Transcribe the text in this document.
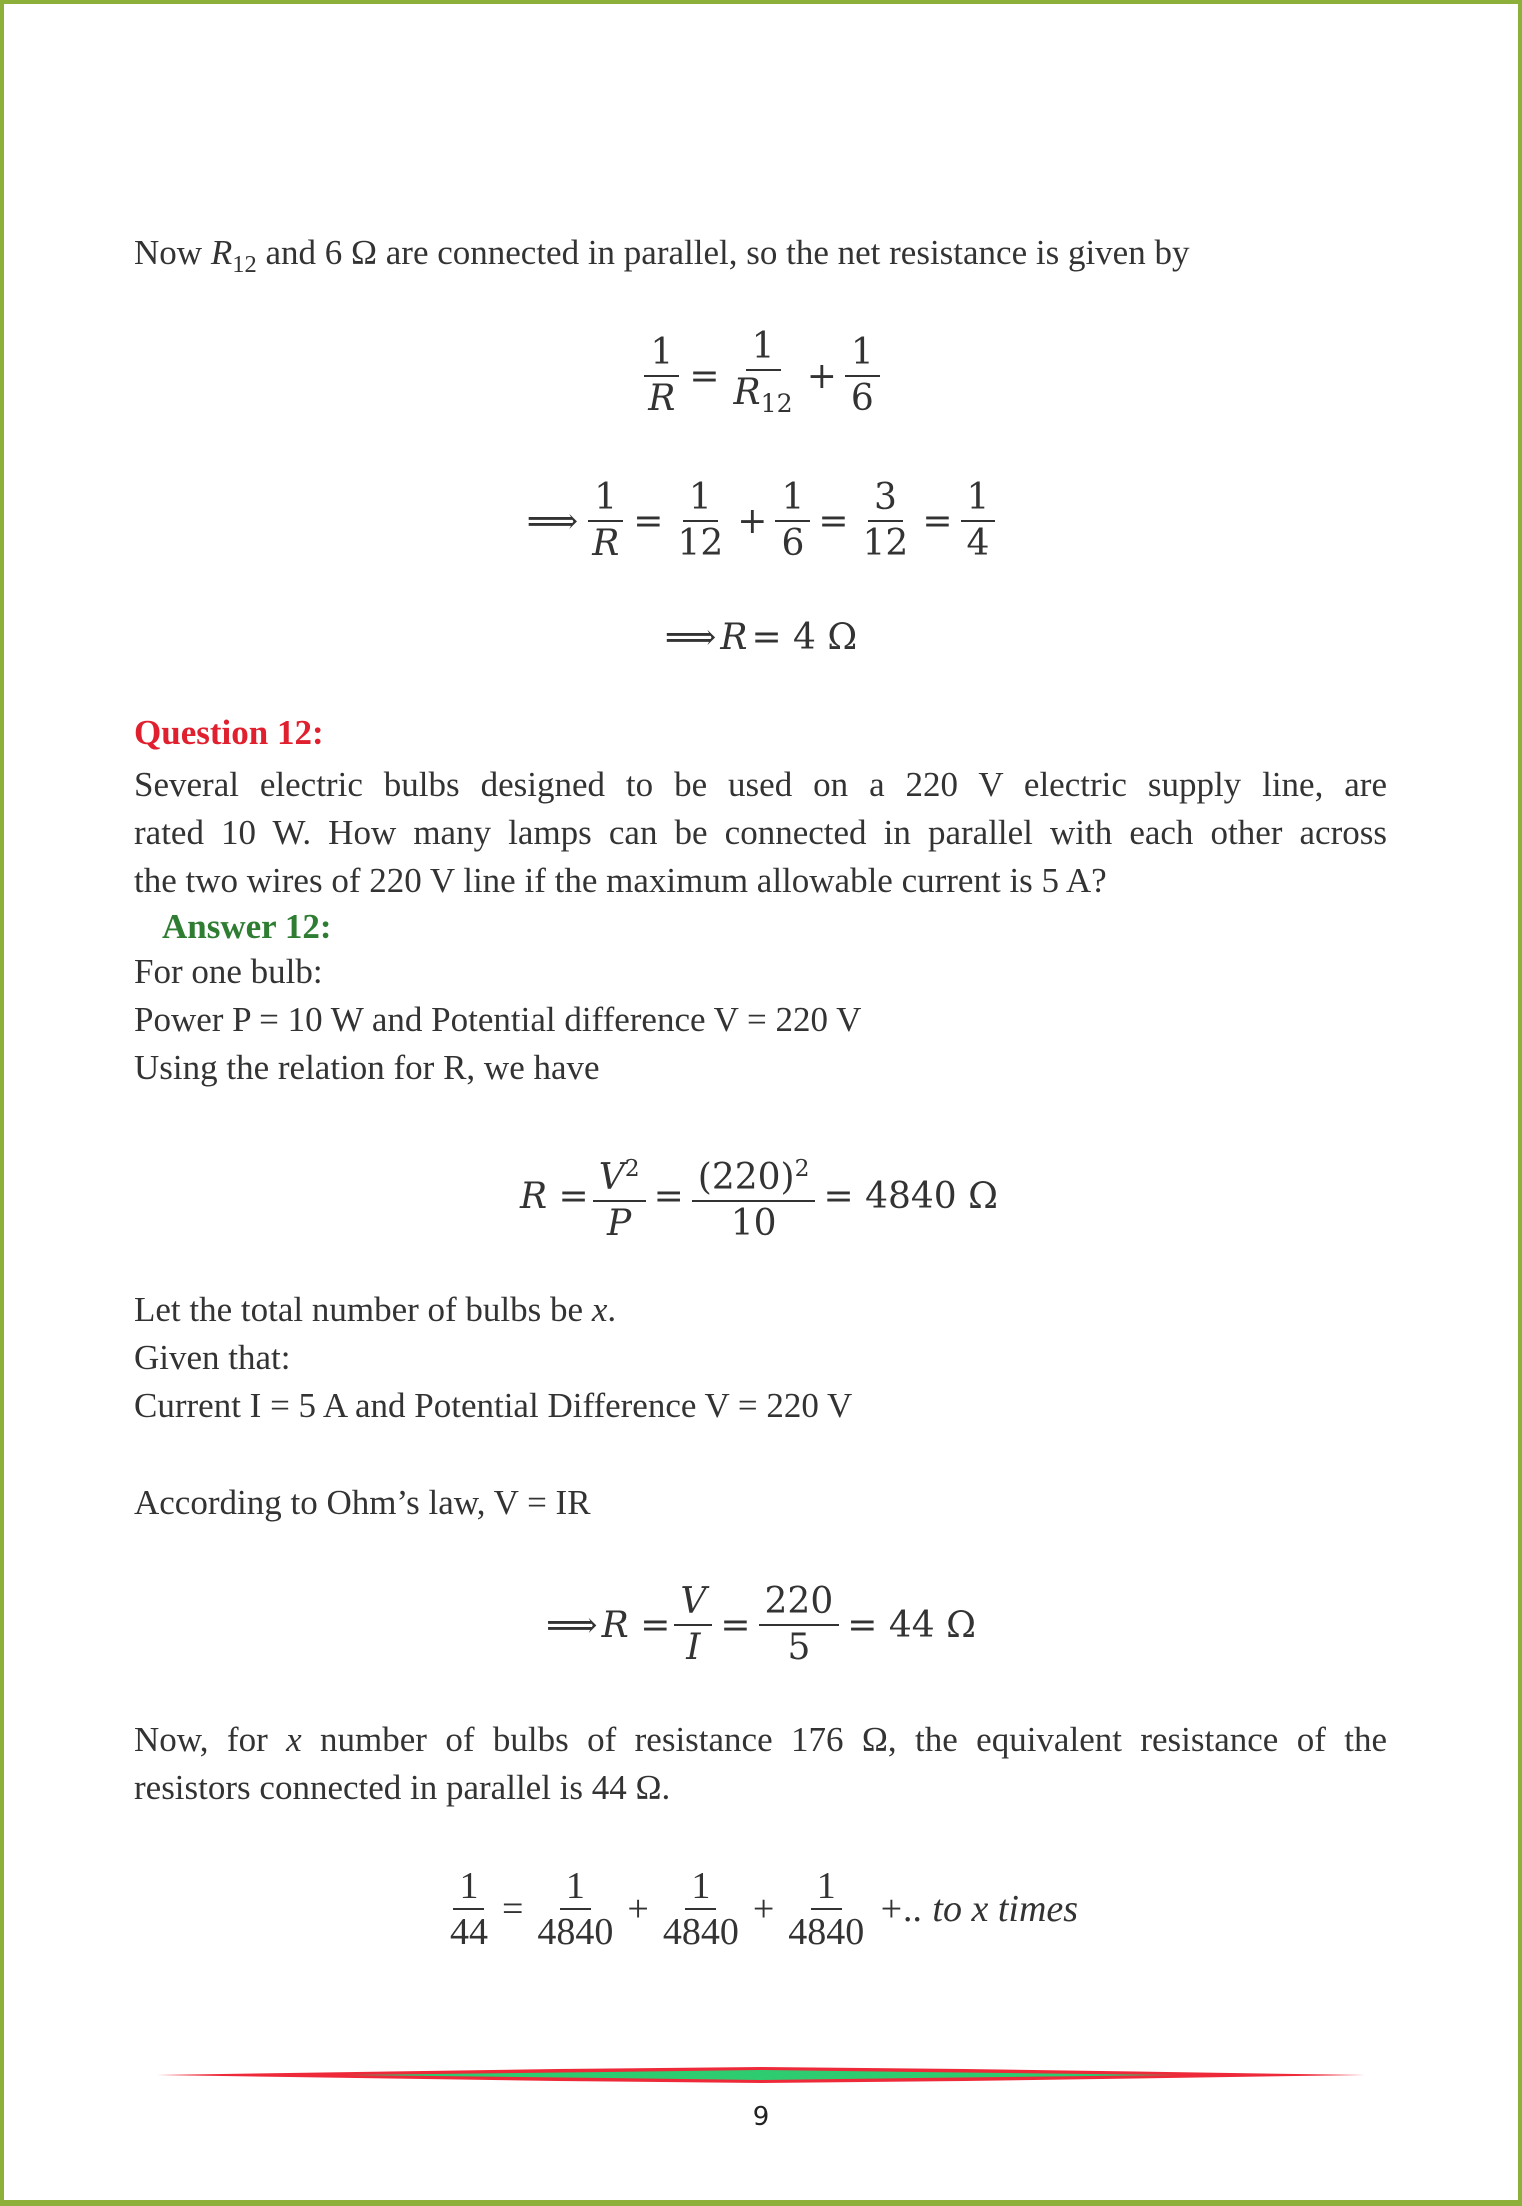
Now $R_{12}$ and 6 Ω are connected in parallel, so the net resistance is given by
$\frac{1}{R} = \frac{1}{R_{12}} + \frac{1}{6}$
⟹ $\frac{1}{R} = \frac{1}{12} + \frac{1}{6} = \frac{3}{12} = \frac{1}{4}$
⟹ R = 4 Ω
Question 12:
Several electric bulbs designed to be used on a 220 V electric supply line, are
rated 10 W. How many lamps can be connected in parallel with each other across
the two wires of 220 V line if the maximum allowable current is 5 A?
Answer 12:
For one bulb:
Power P = 10 W and Potential difference V = 220 V
Using the relation for R, we have
$R = \frac{V^2}{P} = \frac{(220)^2}{10} = 4840$ Ω
Let the total number of bulbs be x.
Given that:
Current I = 5 A and Potential Difference V = 220 V
According to Ohm’s law, V = IR
⟹ $R = \frac{V}{I} = \frac{220}{5} = 44$ Ω
Now, for x number of bulbs of resistance 176 Ω, the equivalent resistance of the
resistors connected in parallel is 44 Ω.
$\frac{1}{44} = \frac{1}{4840} + \frac{1}{4840} + \frac{1}{4840}$ +.. to x times
9
